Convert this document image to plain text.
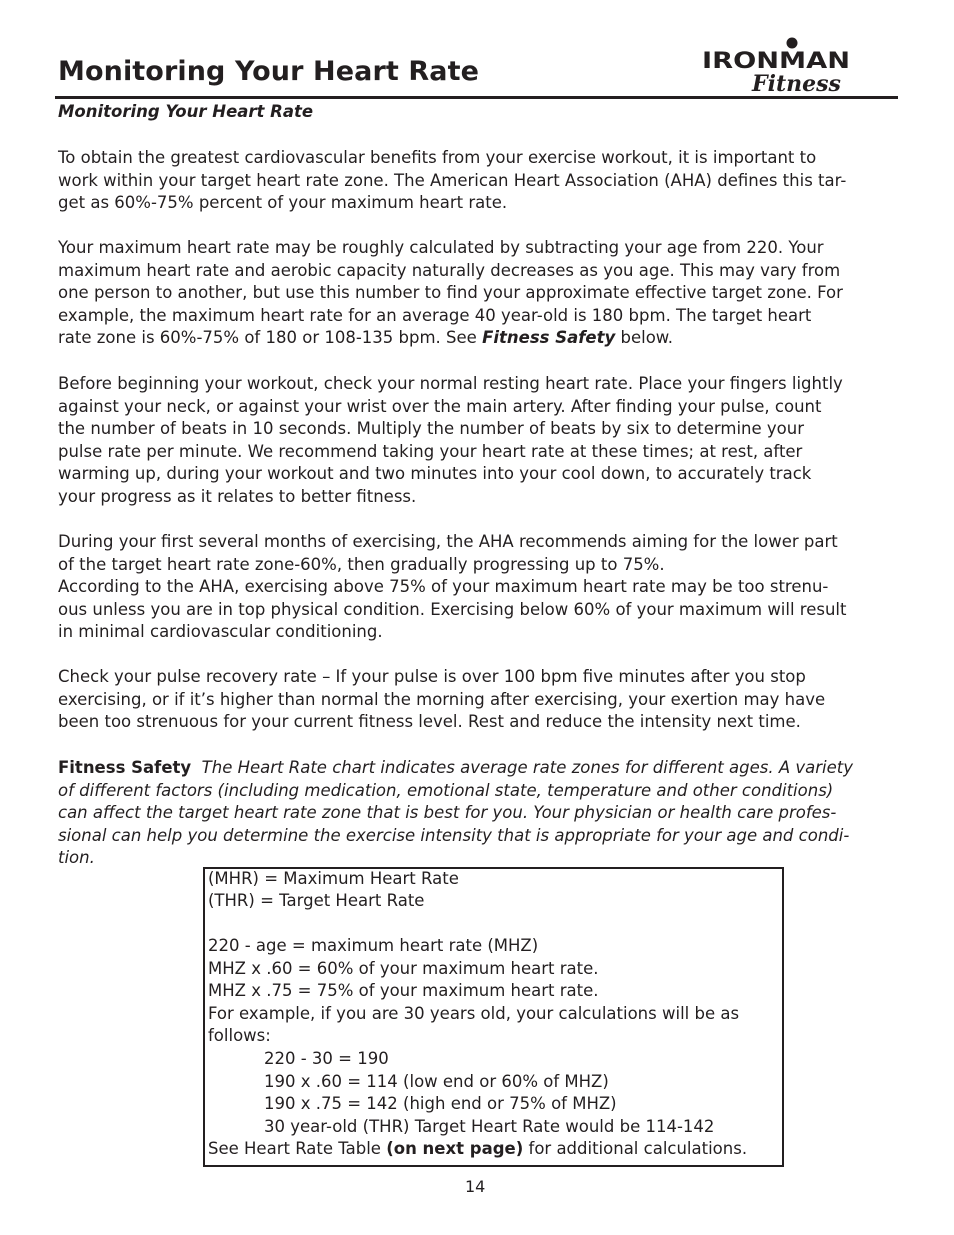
Monitoring Your Heart Rate	IRONMAN
Fitness
Monitoring Your Heart Rate

To obtain the greatest cardiovascular benefits from your exercise workout, it is important to
work within your target heart rate zone. The American Heart Association (AHA) defines this tar-
get as 60%-75% percent of your maximum heart rate.

Your maximum heart rate may be roughly calculated by subtracting your age from 220. Your
maximum heart rate and aerobic capacity naturally decreases as you age. This may vary from
one person to another, but use this number to find your approximate effective target zone. For
example, the maximum heart rate for an average 40 year-old is 180 bpm. The target heart
rate zone is 60%-75% of 180 or 108-135 bpm. See Fitness Safety below.

Before beginning your workout, check your normal resting heart rate. Place your fingers lightly
against your neck, or against your wrist over the main artery. After finding your pulse, count
the number of beats in 10 seconds. Multiply the number of beats by six to determine your
pulse rate per minute. We recommend taking your heart rate at these times; at rest, after
warming up, during your workout and two minutes into your cool down, to accurately track
your progress as it relates to better fitness.

During your first several months of exercising, the AHA recommends aiming for the lower part
of the target heart rate zone-60%, then gradually progressing up to 75%.
According to the AHA, exercising above 75% of your maximum heart rate may be too strenu-
ous unless you are in top physical condition. Exercising below 60% of your maximum will result
in minimal cardiovascular conditioning.

Check your pulse recovery rate – If your pulse is over 100 bpm five minutes after you stop
exercising, or if it’s higher than normal the morning after exercising, your exertion may have
been too strenuous for your current fitness level. Rest and reduce the intensity next time.

Fitness Safety  The Heart Rate chart indicates average rate zones for different ages. A variety
of different factors (including medication, emotional state, temperature and other conditions)
can affect the target heart rate zone that is best for you. Your physician or health care profes-
sional can help you determine the exercise intensity that is appropriate for your age and condi-
tion.

(MHR) = Maximum Heart Rate
(THR) = Target Heart Rate
220 - age = maximum heart rate (MHZ)
MHZ x .60 = 60% of your maximum heart rate.
MHZ x .75 = 75% of your maximum heart rate.
For example, if you are 30 years old, your calculations will be as
follows:
220 - 30 = 190
190 x .60 = 114 (low end or 60% of MHZ)
190 x .75 = 142 (high end or 75% of MHZ)
30 year-old (THR) Target Heart Rate would be 114-142
See Heart Rate Table (on next page) for additional calculations.
14
